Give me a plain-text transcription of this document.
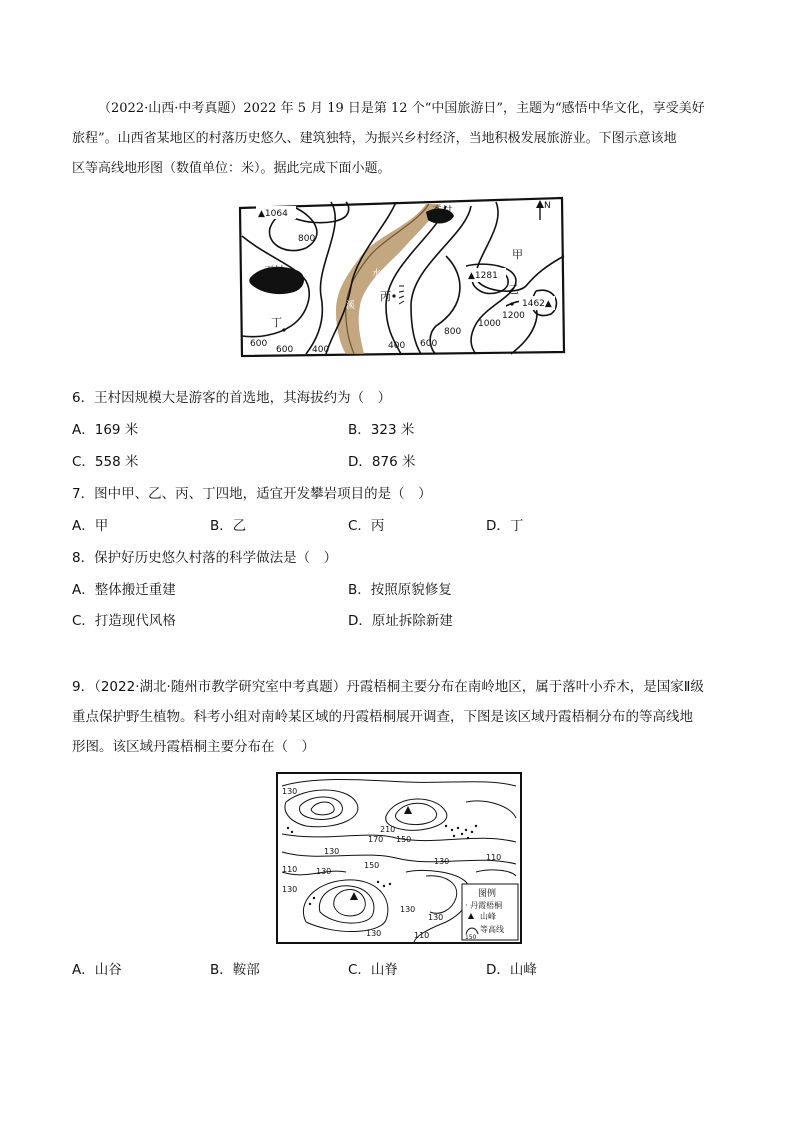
（2022·山西·中考真题）2022 年 5 月 19 日是第 12 个“中国旅游日”，主题为“感悟中华文化，享受美好
旅程”。山西省某地区的村落历史悠久、建筑独特，为振兴乡村经济，当地积极发展旅游业。下图示意该地
区等高线地形图（数值单位：米）。据此完成下面小题。
▲1064
800
王村
丁
600
600 400
水
溪
丙
400 600
800
1000
1200
乙
▲1281
1462▲
甲
李村	N
6．王村因规模大是游客的首选地，其海拔约为（　）
A．169 米	B．323 米
C．558 米	D．876 米
7．图中甲、乙、丙、丁四地，适宜开发攀岩项目的是（　）
A．甲	B．乙	C．丙	D．丁
8．保护好历史悠久村落的科学做法是（　）
A．整体搬迁重建	B．按照原貌修复
C．打造现代风格	D．原址拆除新建
9．（2022·湖北·随州市教学研究室中考真题）丹霞梧桐主要分布在南岭地区，属于落叶小乔木，是国家Ⅱ级
重点保护野生植物。科考小组对南岭某区域的丹霞梧桐展开调查，下图是该区域丹霞梧桐分布的等高线地
形图。该区域丹霞梧桐主要分布在（　）
130
110
150
170
210
130
130	110
150
130
130
110
130
130
130
图例
· 丹霞梧桐
山峰
150
等高线
A．山谷	B．鞍部	C．山脊	D．山峰
